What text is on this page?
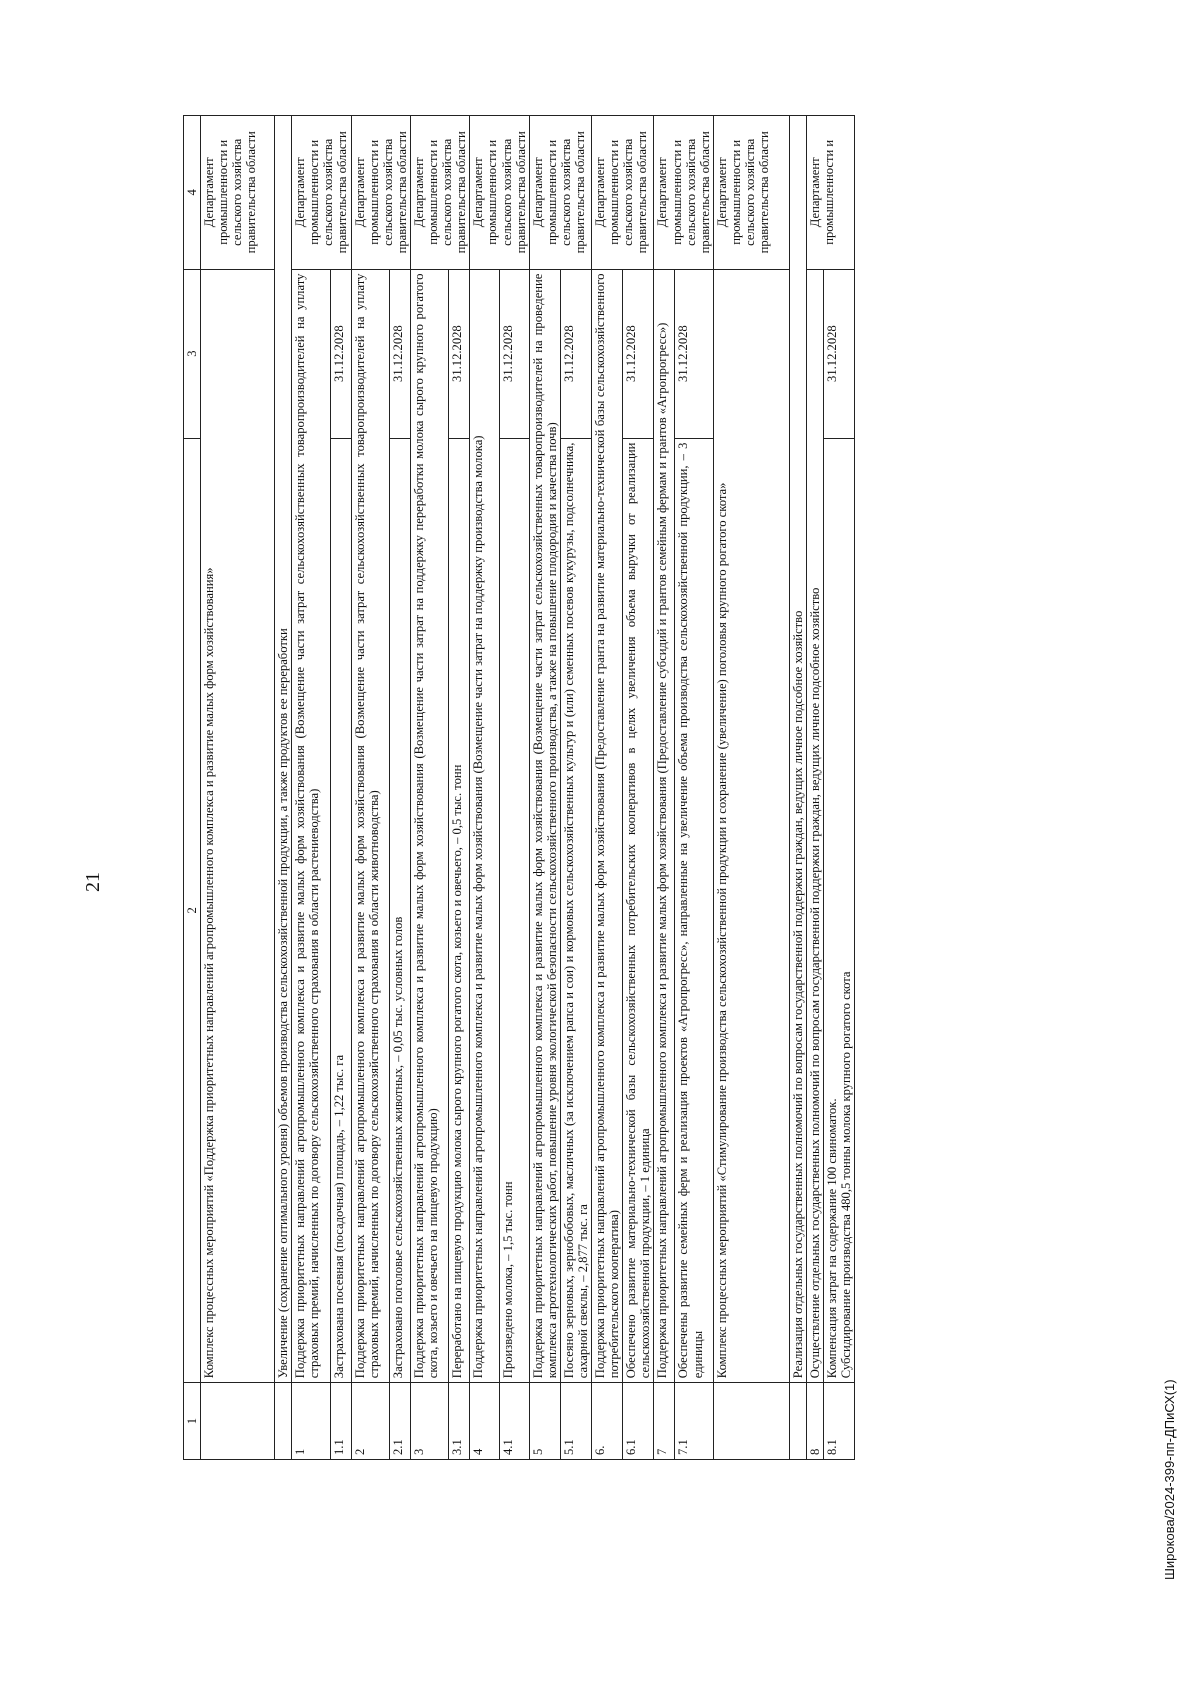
21
Широкова/2024-399-пп-ДПиСХ(1)
1	2	3	4
	Комплекс процессных мероприятий «Поддержка приоритетных направлений агропромышленного комплекса и развитие малых форм хозяйствования»		Департамент промышленности и сельского хозяйства правительства области
	Увеличение (сохранение оптимального уровня) объемов производства сельскохозяйственной продукции, а также продуктов ее переработки		
1	Поддержка приоритетных направлений агропромышленного комплекса и развитие малых форм хозяйствования (Возмещение части затрат сельскохозяйственных товаропроизводителей на уплату страховых премий, начисленных по договору сельскохозяйственного страхования в области растениеводства)		Департамент промышленности и сельского хозяйства правительства области
1.1	Застрахована посевная (посадочная) площадь, – 1,22 тыс. га	31.12.2028	
2	Поддержка приоритетных направлений агропромышленного комплекса и развитие малых форм хозяйствования (Возмещение части затрат сельскохозяйственных товаропроизводителей на уплату страховых премий, начисленных по договору сельскохозяйственного страхования в области животноводства)		Департамент промышленности и сельского хозяйства правительства области
2.1	Застраховано поголовье сельскохозяйственных животных, – 0,05 тыс. условных голов	31.12.2028	
3	Поддержка приоритетных направлений агропромышленного комплекса и развитие малых форм хозяйствования (Возмещение части затрат на поддержку переработки молока сырого крупного рогатого скота, козьего и овечьего на пищевую продукцию)		Департамент промышленности и сельского хозяйства правительства области
3.1	Переработано на пищевую продукцию молока сырого крупного рогатого скота, козьего и овечьего, – 0,5 тыс. тонн	31.12.2028	
4	Поддержка приоритетных направлений агропромышленного комплекса и развитие малых форм хозяйствования (Возмещение части затрат на поддержку производства молока)		Департамент промышленности и сельского хозяйства правительства области
4.1	Произведено молока, – 1,5 тыс. тонн	31.12.2028	
5	Поддержка приоритетных направлений агропромышленного комплекса и развитие малых форм хозяйствования (Возмещение части затрат сельскохозяйственных товаропроизводителей на проведение комплекса агротехнологических работ, повышение уровня экологической безопасности сельскохозяйственного производства, а также на повышение плодородия и качества почв)		Департамент промышленности и сельского хозяйства правительства области
5.1	Посеяно зерновых, зернобобовых, масличных (за исключением рапса и сои) и кормовых сельскохозяйственных культур и (или) семенных посевов кукурузы, подсолнечника, сахарной свеклы, – 2,877 тыс. га	31.12.2028	
6.	Поддержка приоритетных направлений агропромышленного комплекса и развитие малых форм хозяйствования (Предоставление гранта на развитие материально-технической базы сельскохозяйственного потребительского кооператива)		Департамент промышленности и сельского хозяйства правительства области
6.1	Обеспечено развитие материально-технической базы сельскохозяйственных потребительских кооперативов в целях увеличения объема выручки от реализации сельскохозяйственной продукции, – 1 единица	31.12.2028	
7	Поддержка приоритетных направлений агропромышленного комплекса и развитие малых форм хозяйствования (Предоставление субсидий и грантов семейным фермам и грантов «Агропрогресс»)		Департамент промышленности и сельского хозяйства правительства области
7.1	Обеспечены развитие семейных ферм и реализация проектов «Агропрогресс», направленные на увеличение объема производства сельскохозяйственной продукции, – 3 единицы	31.12.2028	
	Комплекс процессных мероприятий «Стимулирование производства сельскохозяйственной продукции и сохранение (увеличение) поголовья крупного рогатого скота»		Департамент промышленности и сельского хозяйства правительства области
	Реализация отдельных государственных полномочий по вопросам государственной поддержки граждан, ведущих личное подсобное хозяйство		
8	Осуществление отдельных государственных полномочий по вопросам государственной поддержки граждан, ведущих личное подсобное хозяйство		Департамент промышленности и
8.1	Компенсация затрат на содержание 100 свиноматок. Субсидирование производства 480,5 тонны молока крупного рогатого скота	31.12.2028	
